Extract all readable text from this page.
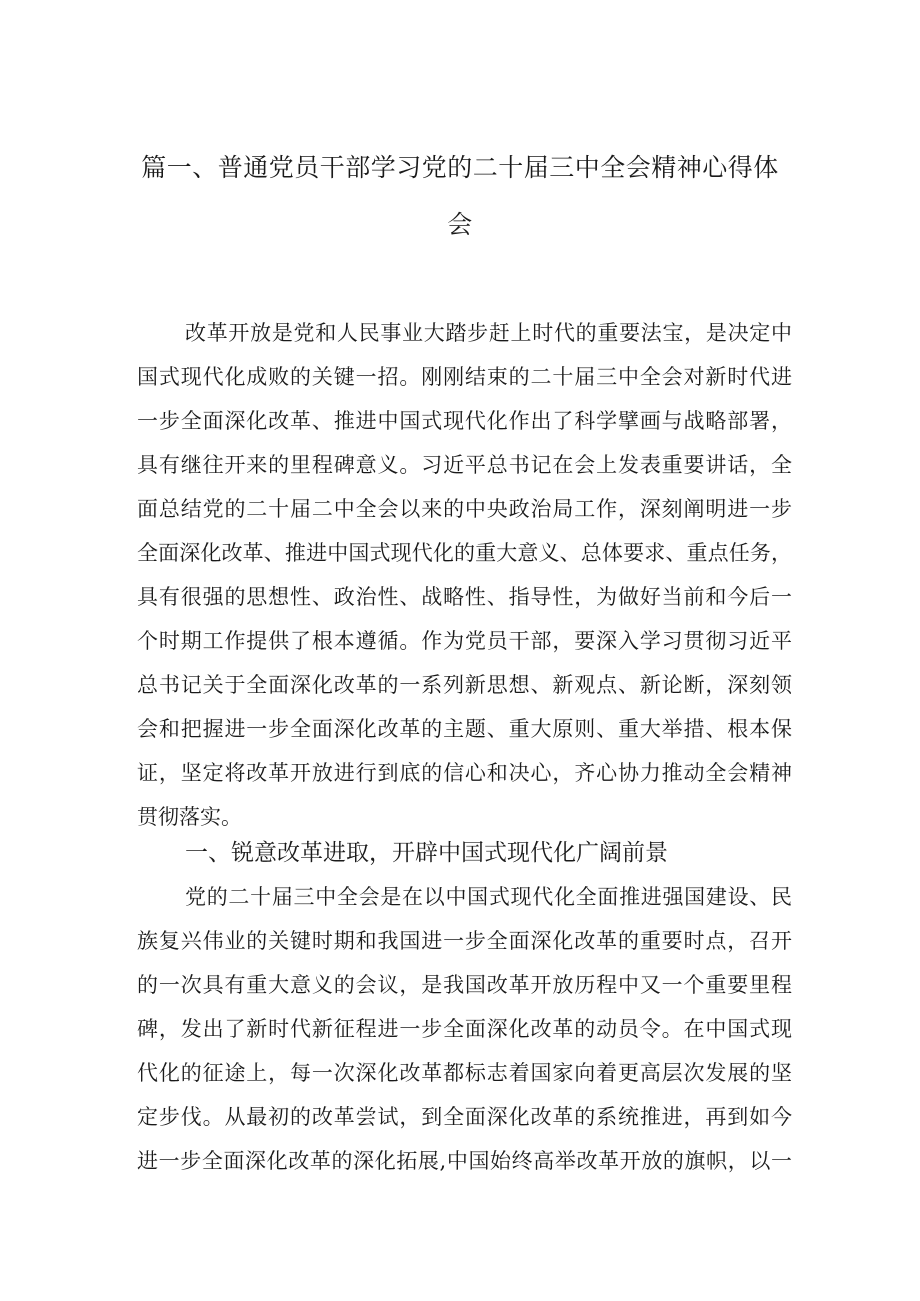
篇一、普通党员干部学习党的二十届三中全会精神心得体
会

改革开放是党和人民事业大踏步赶上时代的重要法宝，是决定中

国式现代化成败的关键一招。刚刚结束的二十届三中全会对新时代进

一步全面深化改革、推进中国式现代化作出了科学擘画与战略部署，

具有继往开来的里程碑意义。习近平总书记在会上发表重要讲话，全

面总结党的二十届二中全会以来的中央政治局工作，深刻阐明进一步

全面深化改革、推进中国式现代化的重大意义、总体要求、重点任务，

具有很强的思想性、政治性、战略性、指导性，为做好当前和今后一

个时期工作提供了根本遵循。作为党员干部，要深入学习贯彻习近平

总书记关于全面深化改革的一系列新思想、新观点、新论断，深刻领

会和把握进一步全面深化改革的主题、重大原则、重大举措、根本保

证，坚定将改革开放进行到底的信心和决心，齐心协力推动全会精神

贯彻落实。

一、锐意改革进取，开辟中国式现代化广阔前景

党的二十届三中全会是在以中国式现代化全面推进强国建设、民

族复兴伟业的关键时期和我国进一步全面深化改革的重要时点，召开

的一次具有重大意义的会议，是我国改革开放历程中又一个重要里程

碑，发出了新时代新征程进一步全面深化改革的动员令。在中国式现

代化的征途上，每一次深化改革都标志着国家向着更高层次发展的坚

定步伐。从最初的改革尝试，到全面深化改革的系统推进，再到如今

进一步全面深化改革的深化拓展,中国始终高举改革开放的旗帜，以一
